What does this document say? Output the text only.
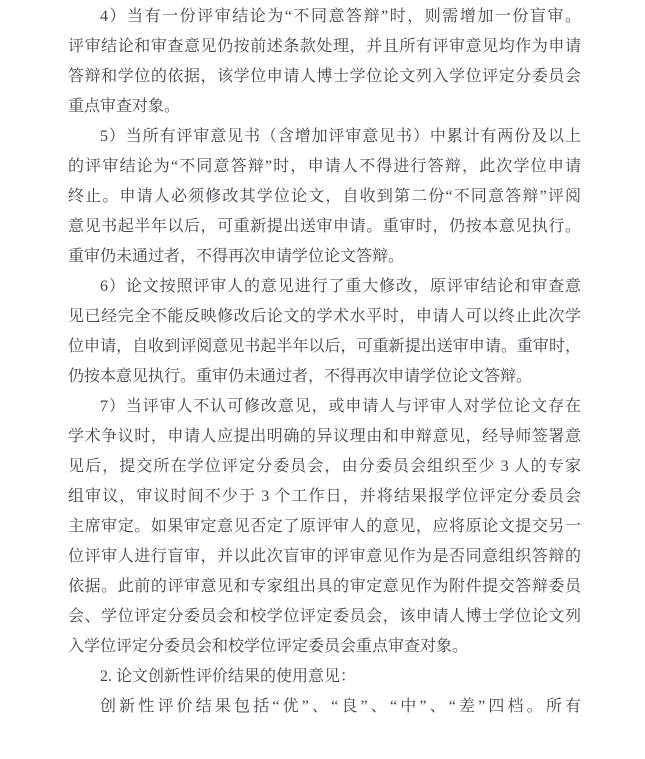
4）当有一份评审结论为“不同意答辩”时，则需增加一份盲审。
评审结论和审查意见仍按前述条款处理，并且所有评审意见均作为申请
答辩和学位的依据，该学位申请人博士学位论文列入学位评定分委员会
重点审查对象。
5）当所有评审意见书（含增加评审意见书）中累计有两份及以上
的评审结论为“不同意答辩”时，申请人不得进行答辩，此次学位申请
终止。申请人必须修改其学位论文，自收到第二份“不同意答辩”评阅
意见书起半年以后，可重新提出送审申请。重审时，仍按本意见执行。
重审仍未通过者，不得再次申请学位论文答辩。
6）论文按照评审人的意见进行了重大修改，原评审结论和审查意
见已经完全不能反映修改后论文的学术水平时，申请人可以终止此次学
位申请，自收到评阅意见书起半年以后，可重新提出送审申请。重审时，
仍按本意见执行。重审仍未通过者，不得再次申请学位论文答辩。
7）当评审人不认可修改意见，或申请人与评审人对学位论文存在
学术争议时，申请人应提出明确的异议理由和申辩意见，经导师签署意
见后，提交所在学位评定分委员会，由分委员会组织至少 3 人的专家
组审议，审议时间不少于 3 个工作日，并将结果报学位评定分委员会
主席审定。如果审定意见否定了原评审人的意见，应将原论文提交另一
位评审人进行盲审，并以此次盲审的评审意见作为是否同意组织答辩的
依据。此前的评审意见和专家组出具的审定意见作为附件提交答辩委员
会、学位评定分委员会和校学位评定委员会，该申请人博士学位论文列
入学位评定分委员会和校学位评定委员会重点审查对象。
2. 论文创新性评价结果的使用意见：
创新性评价结果包括“优”、“良”、“中”、“差”四档。所有
